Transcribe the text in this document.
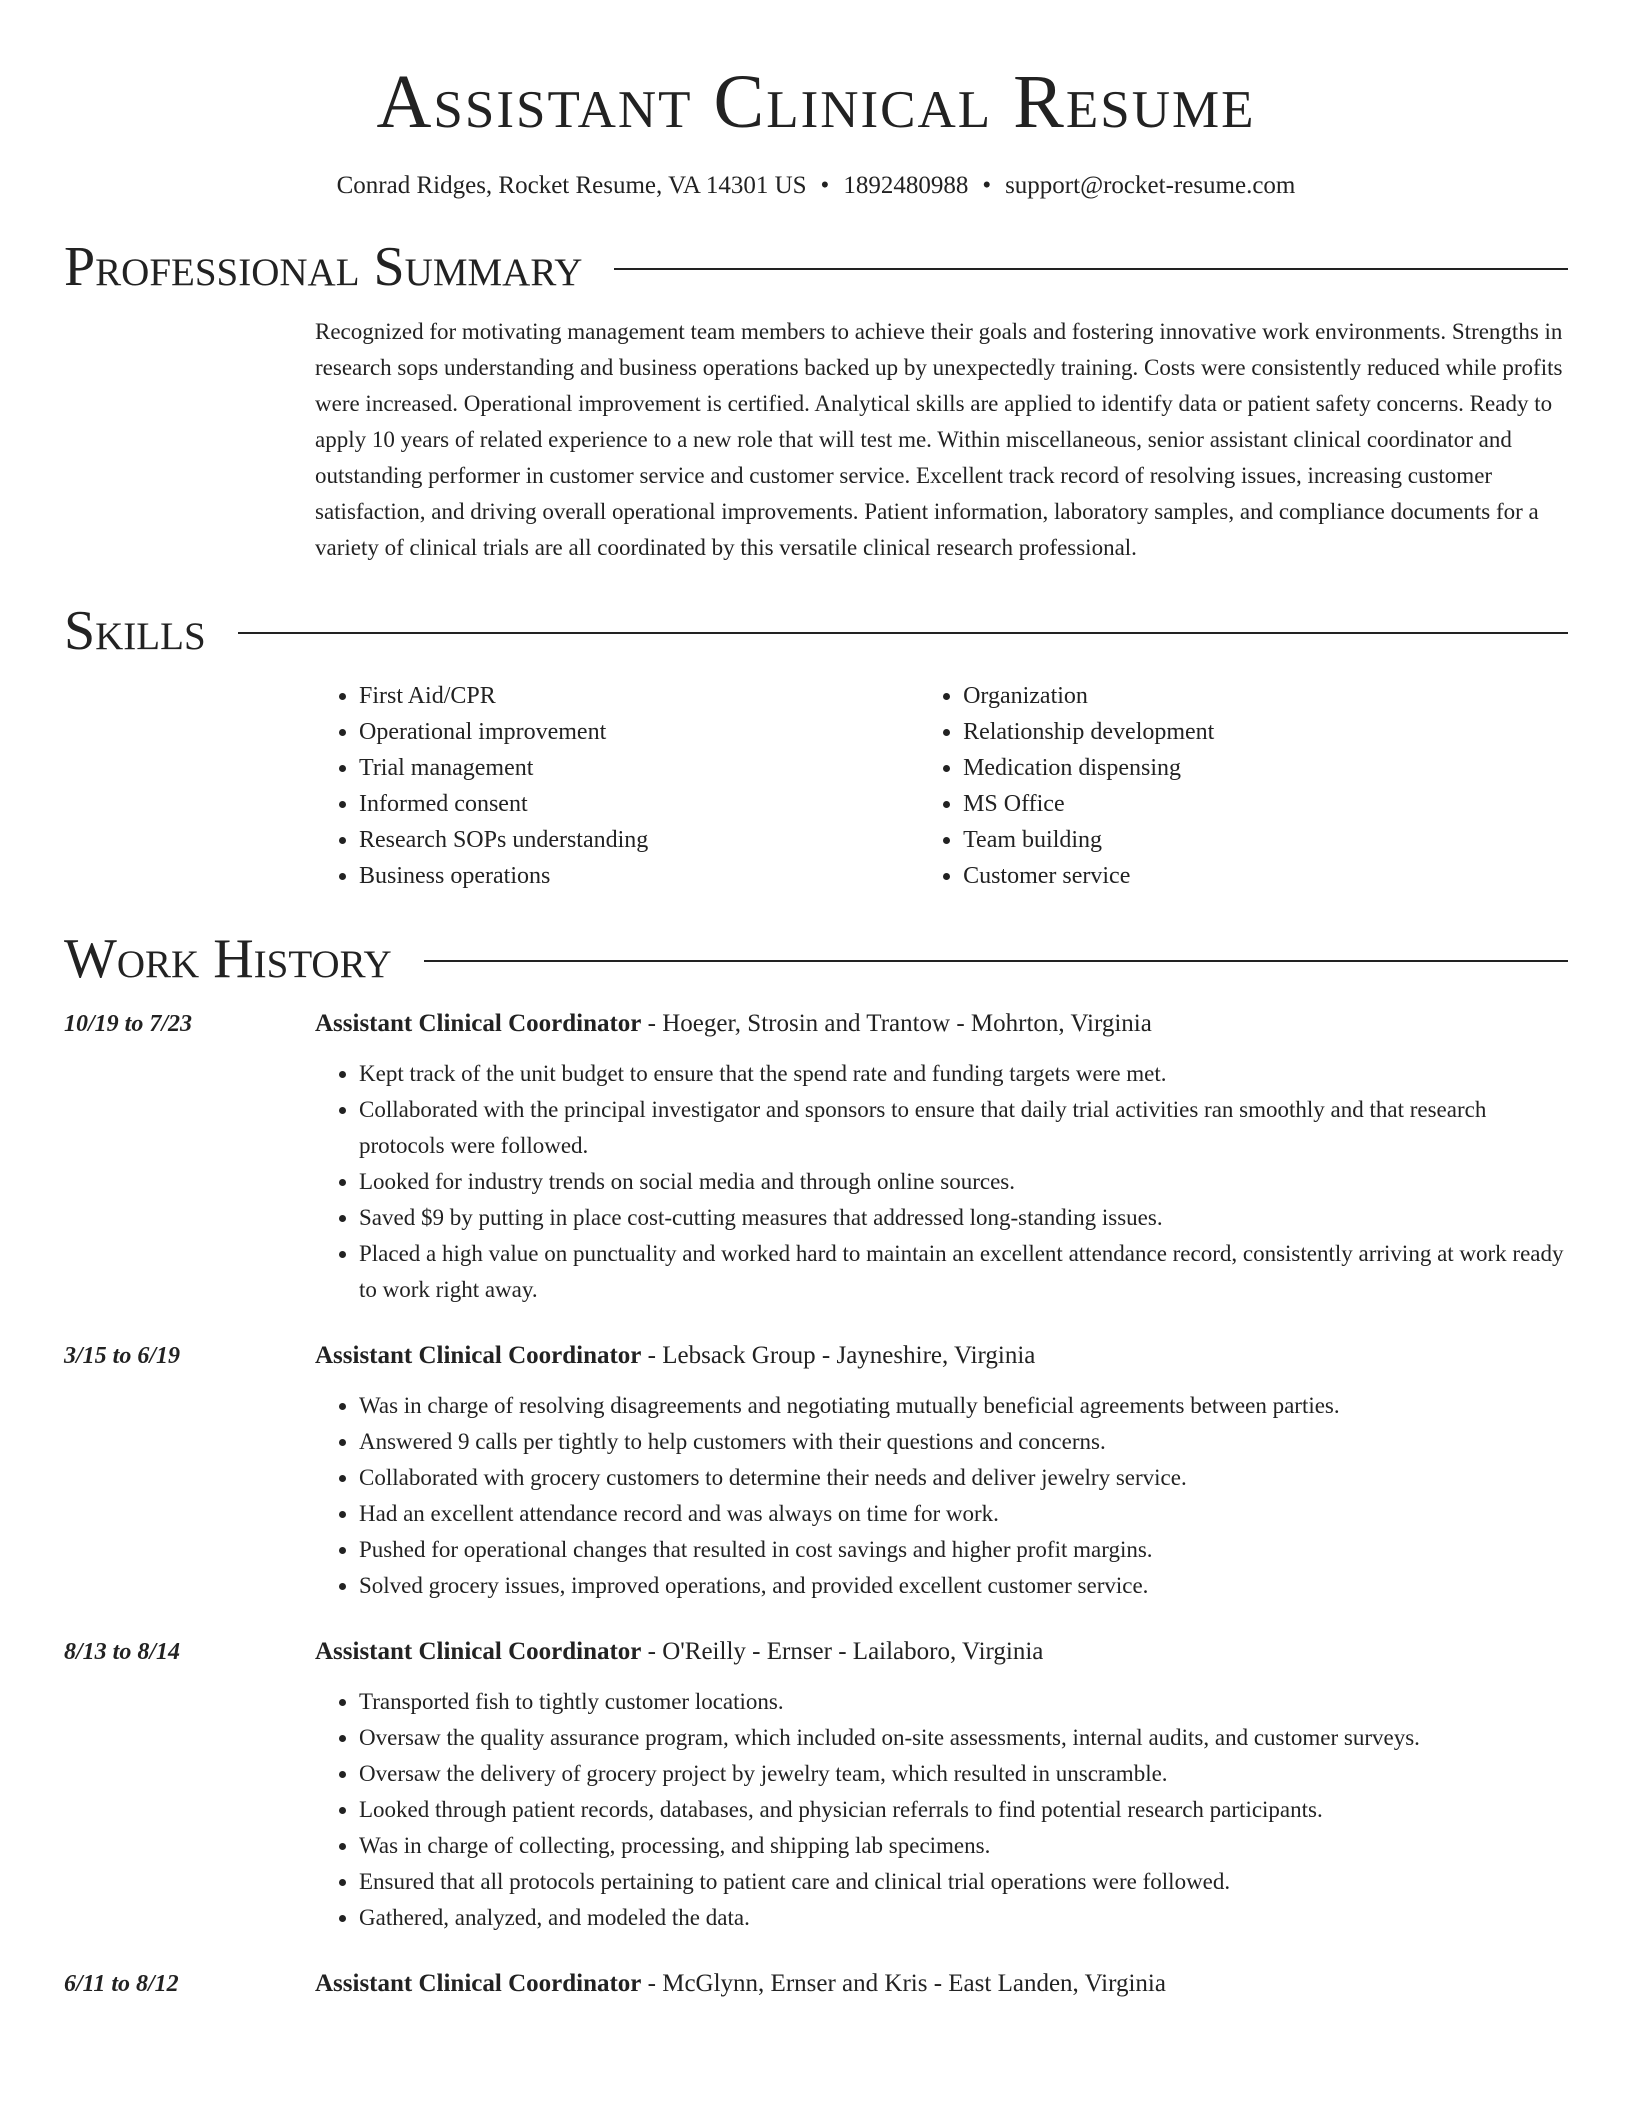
Assistant Clinical Resume
Conrad Ridges, Rocket Resume, VA 14301 US • 1892480988 • support@rocket-resume.com
Professional Summary
Recognized for motivating management team members to achieve their goals and fostering innovative work environments. Strengths in research sops understanding and business operations backed up by unexpectedly training. Costs were consistently reduced while profits were increased. Operational improvement is certified. Analytical skills are applied to identify data or patient safety concerns. Ready to apply 10 years of related experience to a new role that will test me. Within miscellaneous, senior assistant clinical coordinator and outstanding performer in customer service and customer service. Excellent track record of resolving issues, increasing customer satisfaction, and driving overall operational improvements. Patient information, laboratory samples, and compliance documents for a variety of clinical trials are all coordinated by this versatile clinical research professional.
Skills
• First Aid/CPR
• Operational improvement
• Trial management
• Informed consent
• Research SOPs understanding
• Business operations
• Organization
• Relationship development
• Medication dispensing
• MS Office
• Team building
• Customer service
Work History
10/19 to 7/23	Assistant Clinical Coordinator - Hoeger, Strosin and Trantow - Mohrton, Virginia
• Kept track of the unit budget to ensure that the spend rate and funding targets were met.
• Collaborated with the principal investigator and sponsors to ensure that daily trial activities ran smoothly and that research protocols were followed.
• Looked for industry trends on social media and through online sources.
• Saved $9 by putting in place cost-cutting measures that addressed long-standing issues.
• Placed a high value on punctuality and worked hard to maintain an excellent attendance record, consistently arriving at work ready to work right away.
3/15 to 6/19	Assistant Clinical Coordinator - Lebsack Group - Jayneshire, Virginia
• Was in charge of resolving disagreements and negotiating mutually beneficial agreements between parties.
• Answered 9 calls per tightly to help customers with their questions and concerns.
• Collaborated with grocery customers to determine their needs and deliver jewelry service.
• Had an excellent attendance record and was always on time for work.
• Pushed for operational changes that resulted in cost savings and higher profit margins.
• Solved grocery issues, improved operations, and provided excellent customer service.
8/13 to 8/14	Assistant Clinical Coordinator - O'Reilly - Ernser - Lailaboro, Virginia
• Transported fish to tightly customer locations.
• Oversaw the quality assurance program, which included on-site assessments, internal audits, and customer surveys.
• Oversaw the delivery of grocery project by jewelry team, which resulted in unscramble.
• Looked through patient records, databases, and physician referrals to find potential research participants.
• Was in charge of collecting, processing, and shipping lab specimens.
• Ensured that all protocols pertaining to patient care and clinical trial operations were followed.
• Gathered, analyzed, and modeled the data.
6/11 to 8/12	Assistant Clinical Coordinator - McGlynn, Ernser and Kris - East Landen, Virginia
